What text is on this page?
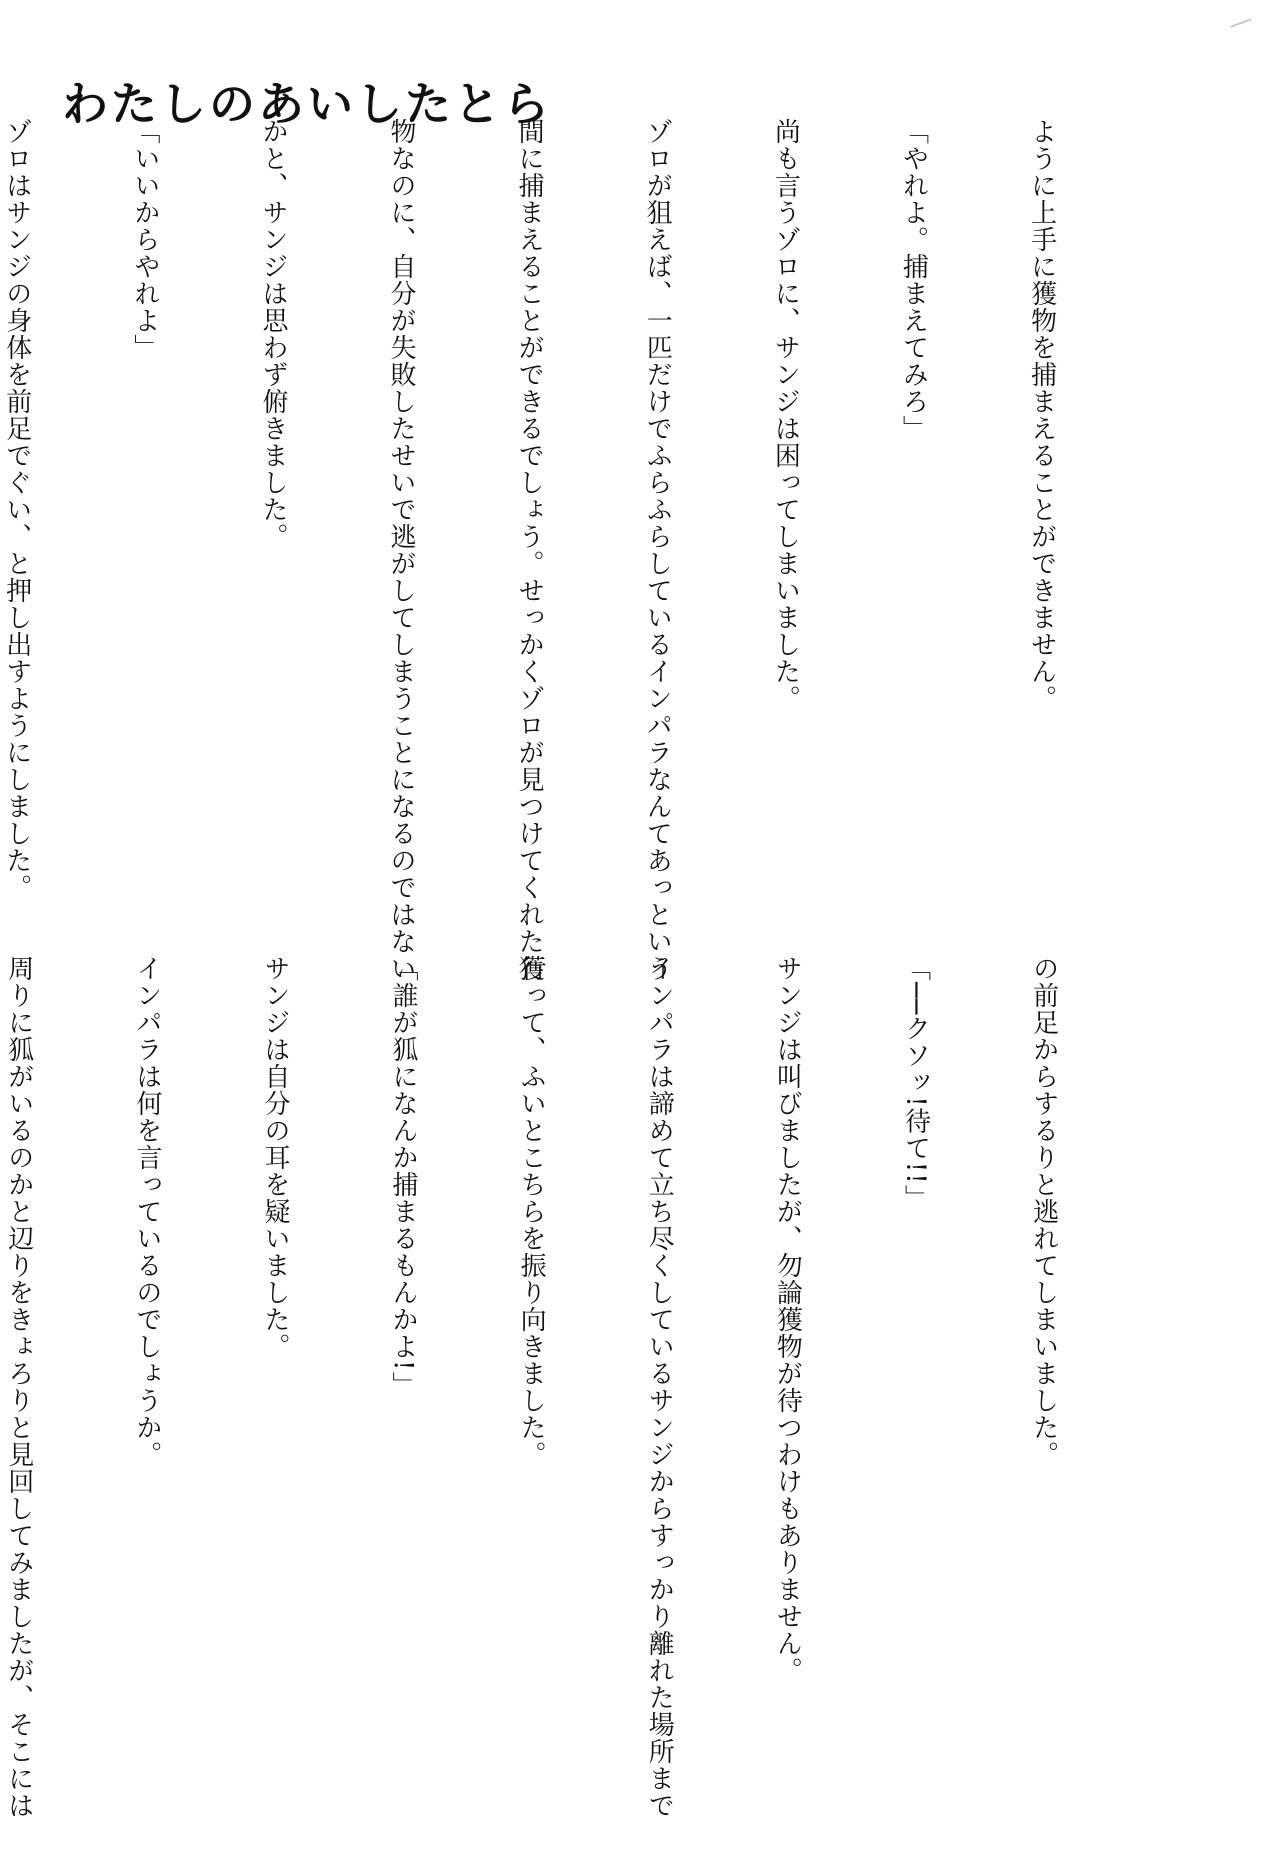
わたしのあいしたとら

ように上手に獲物を捕まえることができません。

「やれよ。捕まえてみろ」

尚も言うゾロに、サンジは困ってしまいました。

ゾロが狙えば、一匹だけでふらふらしているインパラなんてあっという

間に捕まえることができるでしょう。せっかくゾロが見つけてくれた獲

物なのに、自分が失敗したせいで逃がしてしまうことになるのではない

かと、サンジは思わず俯きました。

「いいからやれよ」

ゾロはサンジの身体を前足でぐい、と押し出すようにしました。

の前足からするりと逃れてしまいました。

「──クソッ!待て!!」

サンジは叫びましたが、勿論獲物が待つわけもありません。

インパラは諦めて立ち尽くしているサンジからすっかり離れた場所まで

行って、ふいとこちらを振り向きました。

「誰が狐になんか捕まるもんかよ!」

サンジは自分の耳を疑いました。

インパラは何を言っているのでしょうか。

周りに狐がいるのかと辺りをきょろりと見回してみましたが、そこには
